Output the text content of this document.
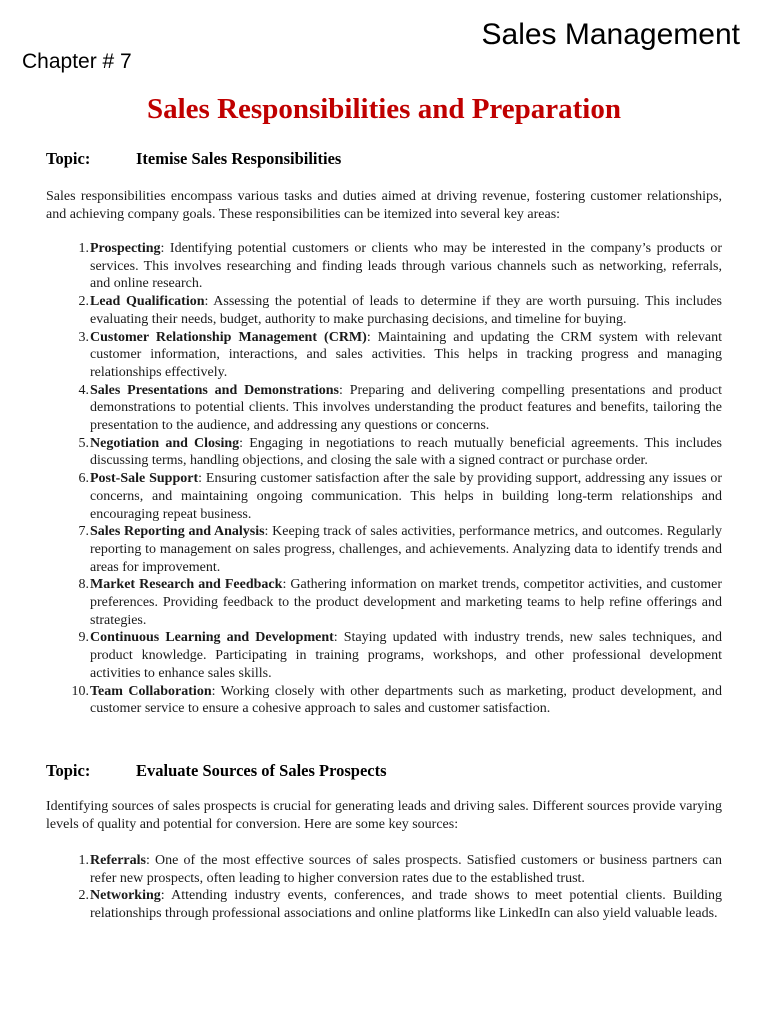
Sales Management
Chapter # 7
Sales Responsibilities and Preparation
Topic:	Itemise Sales Responsibilities
Sales responsibilities encompass various tasks and duties aimed at driving revenue, fostering customer relationships, and achieving company goals. These responsibilities can be itemized into several key areas:
1. Prospecting: Identifying potential customers or clients who may be interested in the company’s products or services. This involves researching and finding leads through various channels such as networking, referrals, and online research.
2. Lead Qualification: Assessing the potential of leads to determine if they are worth pursuing. This includes evaluating their needs, budget, authority to make purchasing decisions, and timeline for buying.
3. Customer Relationship Management (CRM): Maintaining and updating the CRM system with relevant customer information, interactions, and sales activities. This helps in tracking progress and managing relationships effectively.
4. Sales Presentations and Demonstrations: Preparing and delivering compelling presentations and product demonstrations to potential clients. This involves understanding the product features and benefits, tailoring the presentation to the audience, and addressing any questions or concerns.
5. Negotiation and Closing: Engaging in negotiations to reach mutually beneficial agreements. This includes discussing terms, handling objections, and closing the sale with a signed contract or purchase order.
6. Post-Sale Support: Ensuring customer satisfaction after the sale by providing support, addressing any issues or concerns, and maintaining ongoing communication. This helps in building long-term relationships and encouraging repeat business.
7. Sales Reporting and Analysis: Keeping track of sales activities, performance metrics, and outcomes. Regularly reporting to management on sales progress, challenges, and achievements. Analyzing data to identify trends and areas for improvement.
8. Market Research and Feedback: Gathering information on market trends, competitor activities, and customer preferences. Providing feedback to the product development and marketing teams to help refine offerings and strategies.
9. Continuous Learning and Development: Staying updated with industry trends, new sales techniques, and product knowledge. Participating in training programs, workshops, and other professional development activities to enhance sales skills.
10. Team Collaboration: Working closely with other departments such as marketing, product development, and customer service to ensure a cohesive approach to sales and customer satisfaction.
Topic:	Evaluate Sources of Sales Prospects
Identifying sources of sales prospects is crucial for generating leads and driving sales. Different sources provide varying levels of quality and potential for conversion. Here are some key sources:
1. Referrals: One of the most effective sources of sales prospects. Satisfied customers or business partners can refer new prospects, often leading to higher conversion rates due to the established trust.
2. Networking: Attending industry events, conferences, and trade shows to meet potential clients. Building relationships through professional associations and online platforms like LinkedIn can also yield valuable leads.
